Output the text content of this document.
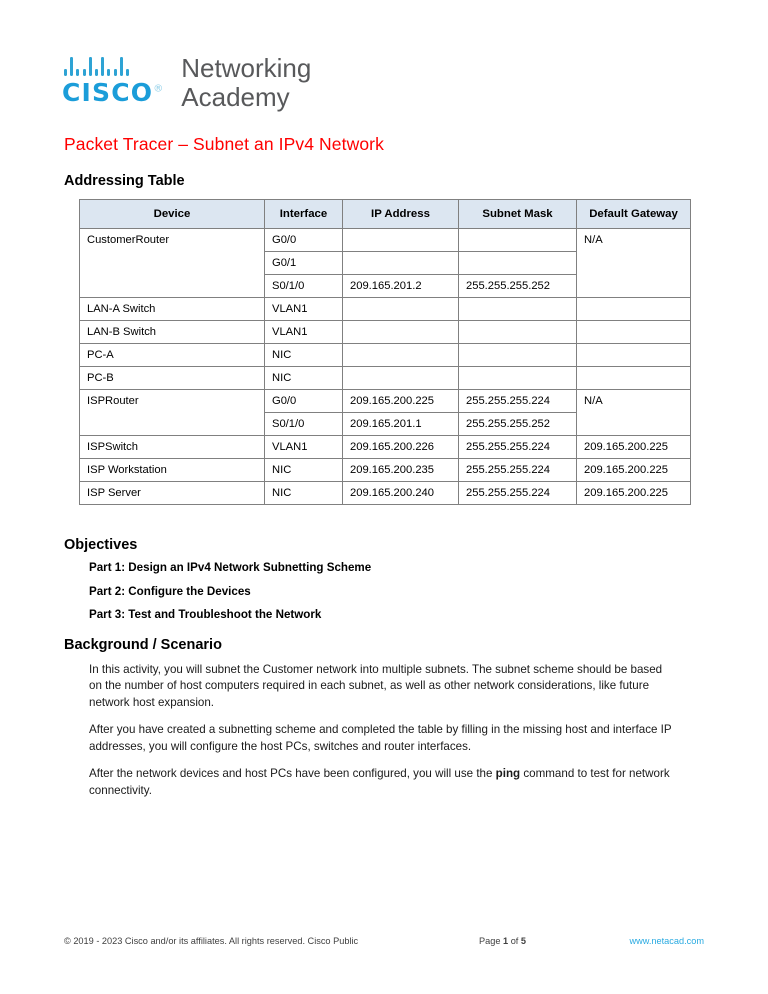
CISCO®
Networking
Academy
Packet Tracer – Subnet an IPv4 Network
Addressing Table
Device	Interface	IP Address	Subnet Mask	Default Gateway
CustomerRouter	G0/0			N/A
	G0/1			
	S0/1/0	209.165.201.2	255.255.255.252	
LAN-A Switch	VLAN1			
LAN-B Switch	VLAN1			
PC-A	NIC			
PC-B	NIC			
ISPRouter	G0/0	209.165.200.225	255.255.255.224	N/A
	S0/1/0	209.165.201.1	255.255.255.252	
ISPSwitch	VLAN1	209.165.200.226	255.255.255.224	209.165.200.225
ISP Workstation	NIC	209.165.200.235	255.255.255.224	209.165.200.225
ISP Server	NIC	209.165.200.240	255.255.255.224	209.165.200.225
Objectives
Part 1: Design an IPv4 Network Subnetting Scheme
Part 2: Configure the Devices
Part 3: Test and Troubleshoot the Network
Background / Scenario

In this activity, you will subnet the Customer network into multiple subnets. The subnet scheme should be based on the number of host computers required in each subnet, as well as other network considerations, like future network host expansion.

After you have created a subnetting scheme and completed the table by filling in the missing host and interface IP addresses, you will configure the host PCs, switches and router interfaces.

After the network devices and host PCs have been configured, you will use the ping command to test for network connectivity.

© 2019 - 2023 Cisco and/or its affiliates. All rights reserved. Cisco Public	Page 1 of 5	www.netacad.com
